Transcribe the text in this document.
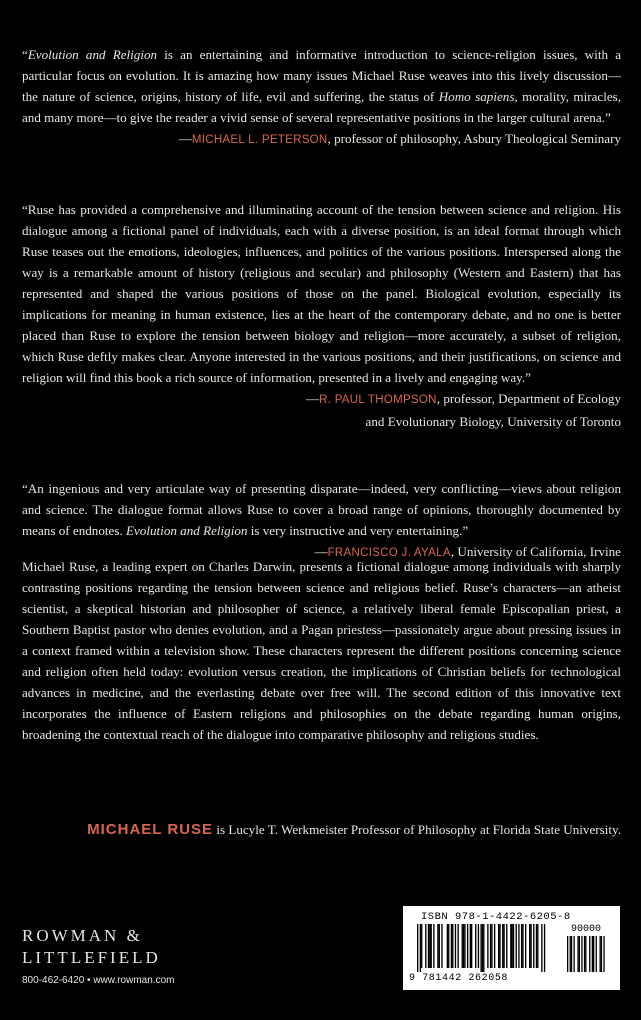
“Evolution and Religion is an entertaining and informative introduction to science-religion issues, with a particular focus on evolution. It is amazing how many issues Michael Ruse weaves into this lively discussion—the nature of science, origins, history of life, evil and suffering, the status of Homo sapiens, morality, miracles, and many more—to give the reader a vivid sense of several representative positions in the larger cultural arena.”

—MICHAEL L. PETERSON, professor of philosophy, Asbury Theological Seminary

“Ruse has provided a comprehensive and illuminating account of the tension between science and religion. His dialogue among a fictional panel of individuals, each with a diverse position, is an ideal format through which Ruse teases out the emotions, ideologies, influences, and politics of the various positions. Interspersed along the way is a remarkable amount of history (religious and secular) and philosophy (Western and Eastern) that has represented and shaped the various positions of those on the panel. Biological evolution, especially its implications for meaning in human existence, lies at the heart of the contemporary debate, and no one is better placed than Ruse to explore the tension between biology and religion—more accurately, a subset of religion, which Ruse deftly makes clear. Anyone interested in the various positions, and their justifications, on science and religion will find this book a rich source of information, presented in a lively and engaging way.”

—R. PAUL THOMPSON, professor, Department of Ecology
and Evolutionary Biology, University of Toronto

“An ingenious and very articulate way of presenting disparate—indeed, very conflicting—views about religion and science. The dialogue format allows Ruse to cover a broad range of opinions, thoroughly documented by means of endnotes. Evolution and Religion is very instructive and very entertaining.”

—FRANCISCO J. AYALA, University of California, Irvine

Michael Ruse, a leading expert on Charles Darwin, presents a fictional dialogue among individuals with sharply contrasting positions regarding the tension between science and religious belief. Ruse’s characters—an atheist scientist, a skeptical historian and philosopher of science, a relatively liberal female Episcopalian priest, a Southern Baptist pastor who denies evolution, and a Pagan priestess—passionately argue about pressing issues in a context framed within a television show. These characters represent the different positions concerning science and religion often held today: evolution versus creation, the implications of Christian beliefs for technological advances in medicine, and the everlasting debate over free will. The second edition of this innovative text incorporates the influence of Eastern religions and philosophies on the debate regarding human origins, broadening the contextual reach of the dialogue into comparative philosophy and religious studies.

MICHAEL RUSE is Lucyle T. Werkmeister Professor of Philosophy at Florida State University.
ROWMAN &
LITTLEFIELD
800-462-6420 • www.rowman.com
ISBN 978-1-4422-6205-8
90000
9 781442 262058
